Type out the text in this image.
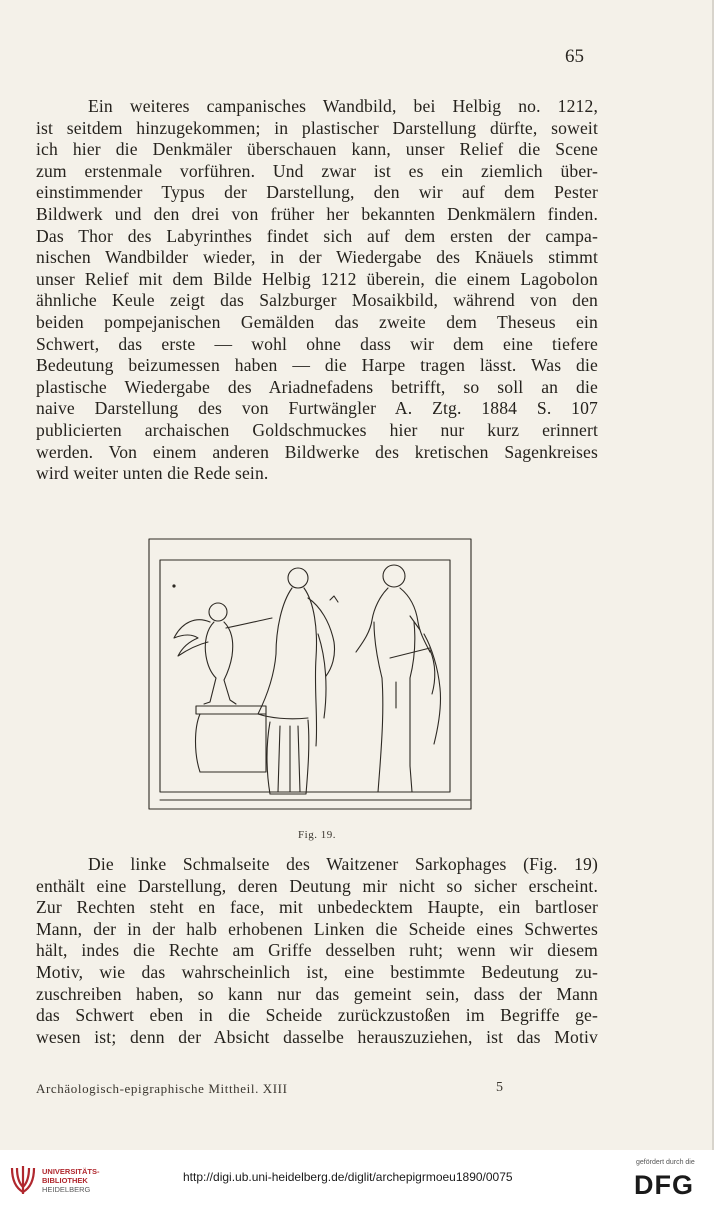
65
Ein weiteres campanisches Wandbild, bei Helbig no. 1212,
ist seitdem hinzugekommen; in plastischer Darstellung dürfte, soweit
ich hier die Denkmäler überschauen kann, unser Relief die Scene
zum erstenmale vorführen. Und zwar ist es ein ziemlich über-
einstimmender Typus der Darstellung, den wir auf dem Pester
Bildwerk und den drei von früher her bekannten Denkmälern finden.
Das Thor des Labyrinthes findet sich auf dem ersten der campa-
nischen Wandbilder wieder, in der Wiedergabe des Knäuels stimmt
unser Relief mit dem Bilde Helbig 1212 überein, die einem Lagobolon
ähnliche Keule zeigt das Salzburger Mosaikbild, während von den
beiden pompejanischen Gemälden das zweite dem Theseus ein
Schwert, das erste — wohl ohne dass wir dem eine tiefere
Bedeutung beizumessen haben — die Harpe tragen lässt. Was die
plastische Wiedergabe des Ariadnefadens betrifft, so soll an die
naive Darstellung des von Furtwängler A. Ztg. 1884 S. 107
publicierten archaischen Goldschmuckes hier nur kurz erinnert
werden. Von einem anderen Bildwerke des kretischen Sagenkreises
wird weiter unten die Rede sein.
Fig. 19.
Die linke Schmalseite des Waitzener Sarkophages (Fig. 19)
enthält eine Darstellung, deren Deutung mir nicht so sicher erscheint.
Zur Rechten steht en face, mit unbedecktem Haupte, ein bartloser
Mann, der in der halb erhobenen Linken die Scheide eines Schwertes
hält, indes die Rechte am Griffe desselben ruht; wenn wir diesem
Motiv, wie das wahrscheinlich ist, eine bestimmte Bedeutung zu-
zuschreiben haben, so kann nur das gemeint sein, dass der Mann
das Schwert eben in die Scheide zurückzustoßen im Begriffe ge-
wesen ist; denn der Absicht dasselbe herauszuziehen, ist das Motiv
Archäologisch-epigraphische Mittheil. XIII	5
UNIVERSITÄTS-
BIBLIOTHEK
HEIDELBERG
http://digi.ub.uni-heidelberg.de/diglit/archepigrmoeu1890/0075
gefördert durch die
DFG
